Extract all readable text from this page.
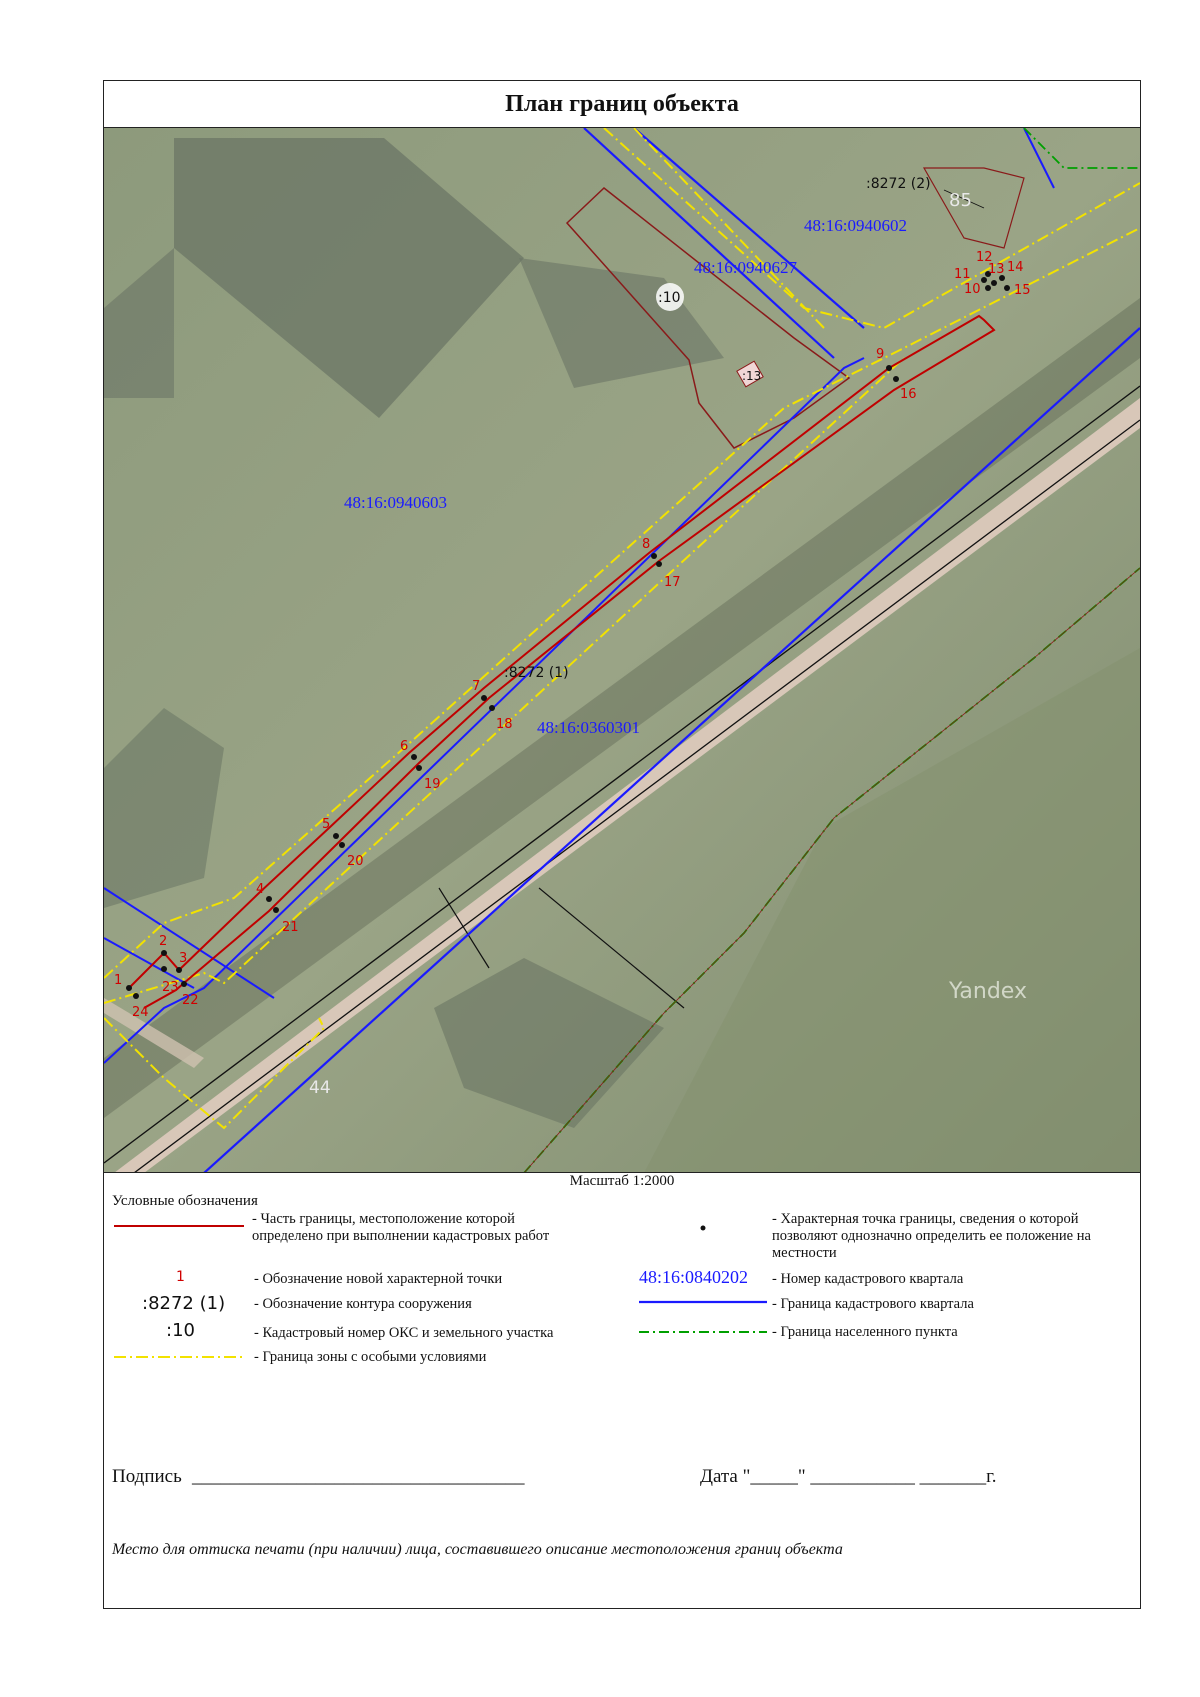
План границ объекта
1
2
3
4
5
6
7
8
9
10
11
12
13 14
15
16
17
18
19
20
21
22
23
24
48:16:0940627
48:16:0940602
48:16:0940603
48:16:0360301
:8272 (1)
:8272 (2)
:10
:13
85
44
Yandex
Масштаб 1:2000
Условные обозначения
- Часть границы, местоположение которой определено при выполнении кадастровых работ
- Характерная точка границы, сведения о которой позволяют однозначно определить ее положение на местности
1	- Обозначение новой характерной точки	48:16:0840202 - Номер кадастрового квартала
:8272 (1) - Обозначение контура сооружения	- Граница кадастрового квартала
:10	- Кадастровый номер ОКС и земельного участка	- Граница населенного пункта
- Граница зоны с особыми условиями
Подпись ___________________________________	Дата "_____" ___________ _______г.
Место для оттиска печати (при наличии) лица, составившего описание местоположения границ объекта
